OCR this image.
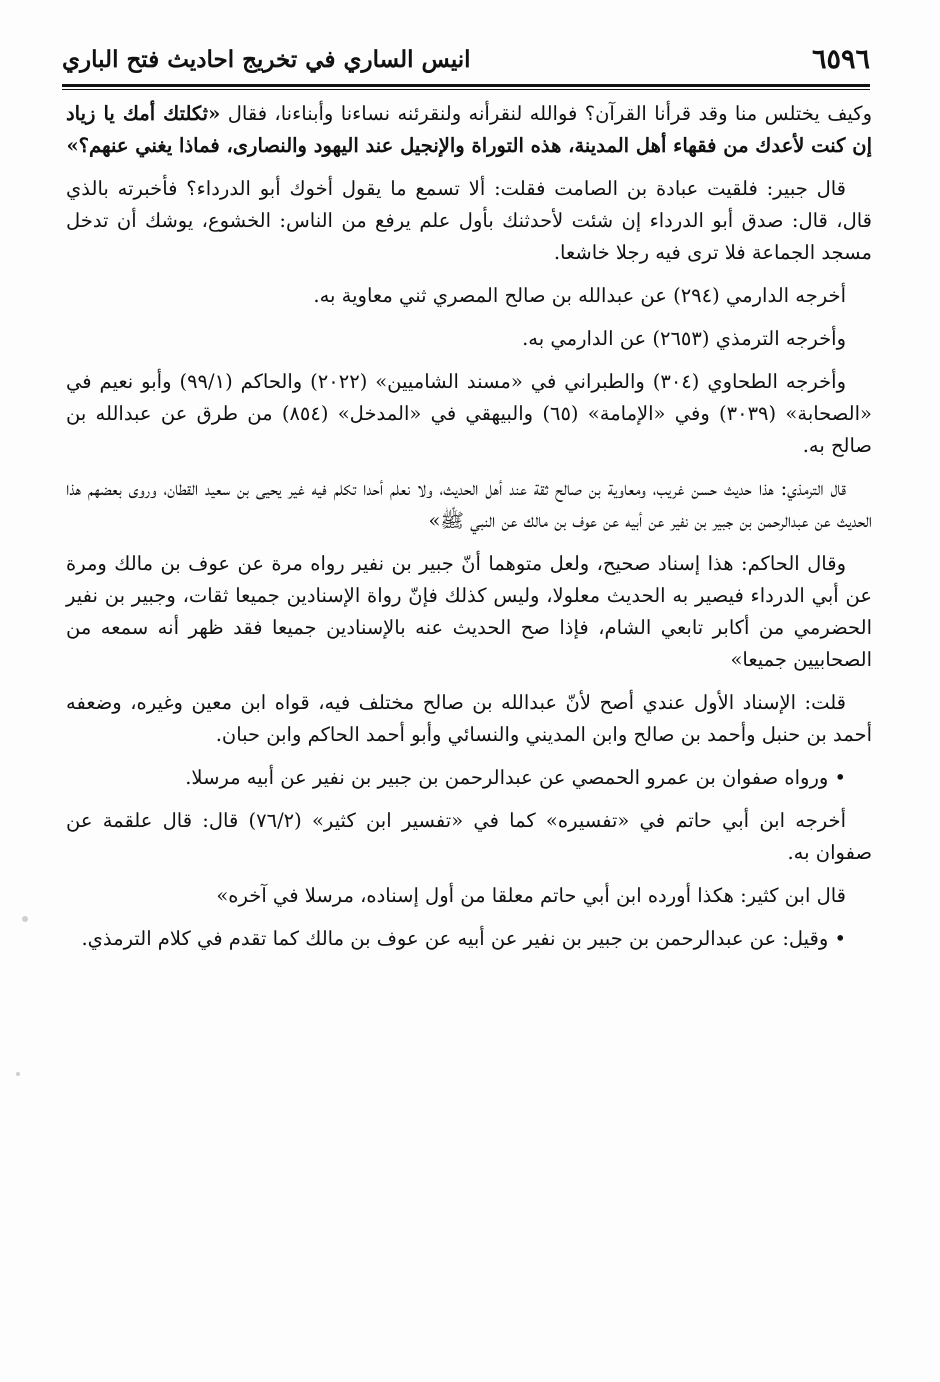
٦٥٩٦
انيس الساري في تخريج احاديث فتح الباري

وكيف يختلس منا وقد قرأنا القرآن؟ فوالله لنقرأنه ولنقرئنه نساءنا وأبناءنا، فقال «ثكلتك أمك يا زياد إن كنت لأعدك من فقهاء أهل المدينة، هذه التوراة والإنجيل عند اليهود والنصارى، فماذا يغني عنهم؟»

قال جبير: فلقيت عبادة بن الصامت فقلت: ألا تسمع ما يقول أخوك أبو الدرداء؟ فأخبرته بالذي قال، قال: صدق أبو الدرداء إن شئت لأحدثنك بأول علم يرفع من الناس: الخشوع، يوشك أن تدخل مسجد الجماعة فلا ترى فيه رجلا خاشعا.

أخرجه الدارمي (٢٩٤) عن عبدالله بن صالح المصري ثني معاوية به.

وأخرجه الترمذي (٢٦٥٣) عن الدارمي به.

وأخرجه الطحاوي (٣٠٤) والطبراني في «مسند الشاميين» (٢٠٢٢) والحاكم (٩٩/١) وأبو نعيم في «الصحابة» (٣٠٣٩) وفي «الإمامة» (٦٥) والبيهقي في «المدخل» (٨٥٤) من طرق عن عبدالله بن صالح به.

قال الترمذي: هذا حديث حسن غريب، ومعاوية بن صالح ثقة عند أهل الحديث، ولا نعلم أحدا تكلم فيه غير يحيى بن سعيد القطان، وروى بعضهم هذا الحديث عن عبدالرحمن بن جبير بن نفير عن أبيه عن عوف بن مالك عن النبي ﷺ»

وقال الحاكم: هذا إسناد صحيح، ولعل متوهما أنّ جبير بن نفير رواه مرة عن عوف بن مالك ومرة عن أبي الدرداء فيصير به الحديث معلولا، وليس كذلك فإنّ رواة الإسنادين جميعا ثقات، وجبير بن نفير الحضرمي من أكابر تابعي الشام، فإذا صح الحديث عنه بالإسنادين جميعا فقد ظهر أنه سمعه من الصحابيين جميعا»

قلت: الإسناد الأول عندي أصح لأنّ عبدالله بن صالح مختلف فيه، قواه ابن معين وغيره، وضعفه أحمد بن حنبل وأحمد بن صالح وابن المديني والنسائي وأبو أحمد الحاكم وابن حبان.

• ورواه صفوان بن عمرو الحمصي عن عبدالرحمن بن جبير بن نفير عن أبيه مرسلا.

أخرجه ابن أبي حاتم في «تفسيره» كما في «تفسير ابن كثير» (٧٦/٢) قال: قال علقمة عن صفوان به.

قال ابن كثير: هكذا أورده ابن أبي حاتم معلقا من أول إسناده، مرسلا في آخره»

• وقيل: عن عبدالرحمن بن جبير بن نفير عن أبيه عن عوف بن مالك كما تقدم في كلام الترمذي.
